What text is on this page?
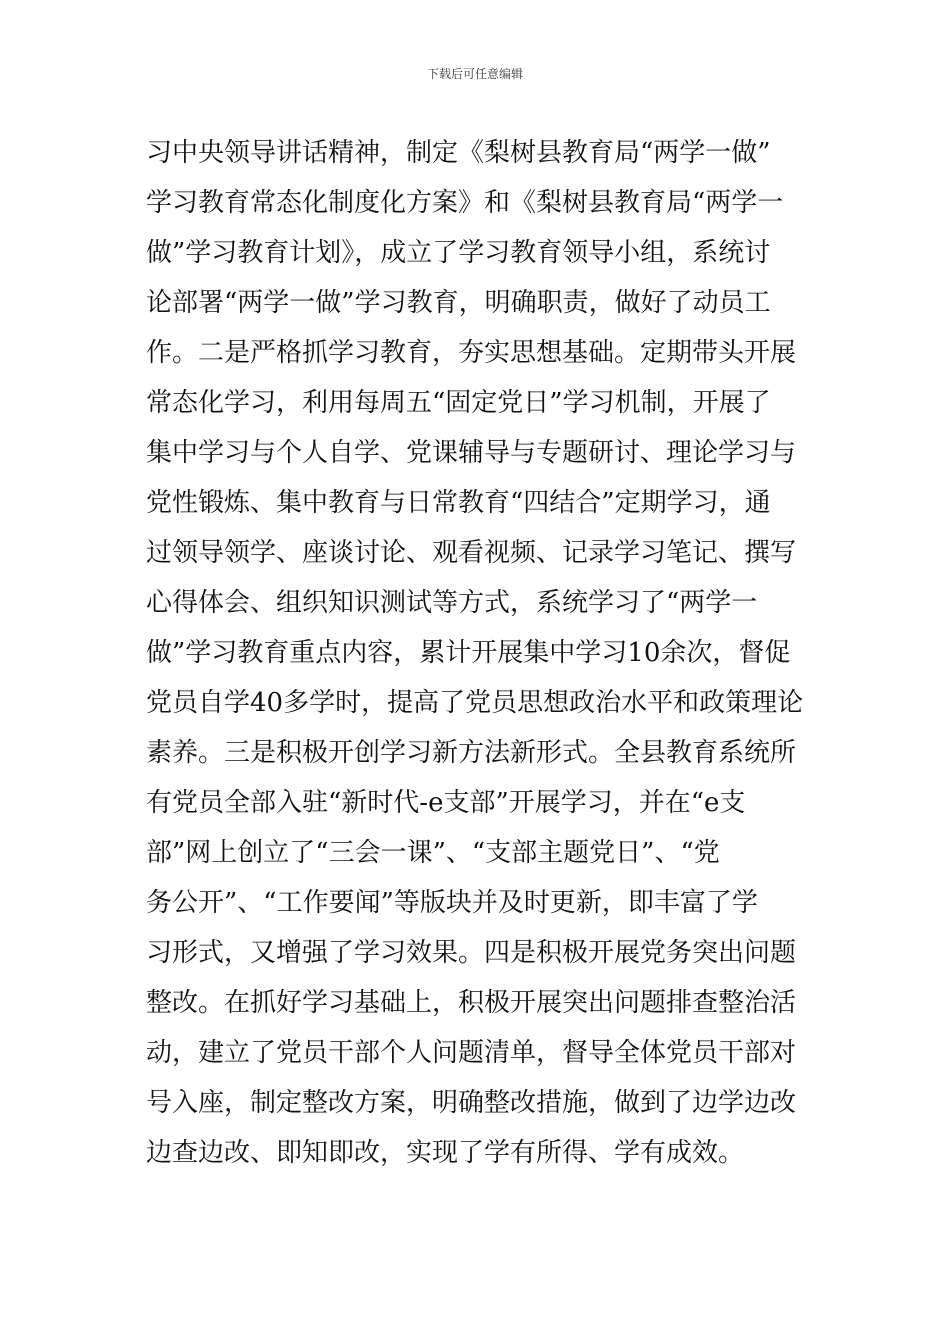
下载后可任意编辑
习中央领导讲话精神，制定《梨树县教育局“两学一做”
学习教育常态化制度化方案》和《梨树县教育局“两学一
做”学习教育计划》，成立了学习教育领导小组，系统讨
论部署“两学一做”学习教育，明确职责，做好了动员工
作。二是严格抓学习教育，夯实思想基础。定期带头开展
常态化学习，利用每周五“固定党日”学习机制，开展了
集中学习与个人自学、党课辅导与专题研讨、理论学习与
党性锻炼、集中教育与日常教育“四结合”定期学习，通
过领导领学、座谈讨论、观看视频、记录学习笔记、撰写
心得体会、组织知识测试等方式，系统学习了“两学一
做”学习教育重点内容，累计开展集中学习10余次，督促
党员自学40多学时，提高了党员思想政治水平和政策理论
素养。三是积极开创学习新方法新形式。全县教育系统所
有党员全部入驻“新时代-e支部”开展学习，并在“e支
部”网上创立了“三会一课”、“支部主题党日”、“党
务公开”、“工作要闻”等版块并及时更新，即丰富了学
习形式，又增强了学习效果。四是积极开展党务突出问题
整改。在抓好学习基础上，积极开展突出问题排查整治活
动，建立了党员干部个人问题清单，督导全体党员干部对
号入座，制定整改方案，明确整改措施，做到了边学边改
边查边改、即知即改，实现了学有所得、学有成效。
